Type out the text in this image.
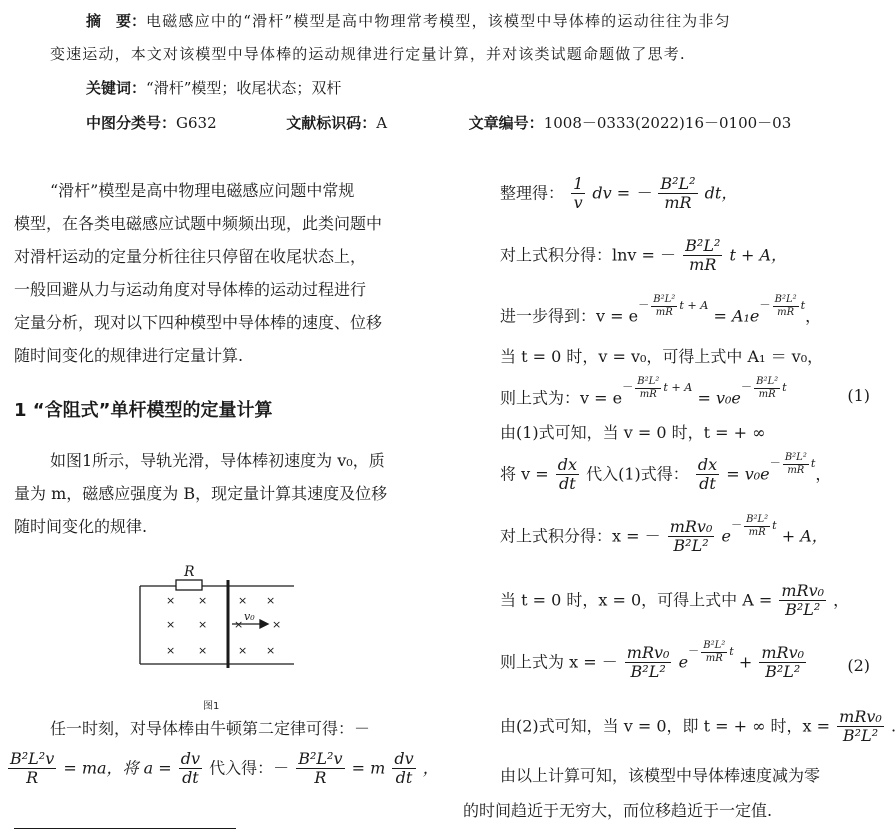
摘　要：电磁感应中的“滑杆”模型是高中物理常考模型，该模型中导体棒的运动往往为非匀
变速运动，本文对该模型中导体棒的运动规律进行定量计算，并对该类试题命题做了思考.
关键词：“滑杆”模型；收尾状态；双杆
中图分类号：G632	文献标识码：A	文章编号：1008－0333(2022)16－0100－03
“滑杆”模型是高中物理电磁感应问题中常规
模型，在各类电磁感应试题中频频出现，此类问题中
对滑杆运动的定量分析往往只停留在收尾状态上，
一般回避从力与运动角度对导体棒的运动过程进行
定量分析，现对以下四种模型中导体棒的速度、位移
随时间变化的规律进行定量计算.
1 “含阻式”单杆模型的定量计算
如图1所示，导轨光滑，导体棒初速度为 v₀，质
量为 m，磁感应强度为 B，现定量计算其速度及位移
随时间变化的规律.
× ×	× ×
× × ×	×
× ×	× ×
R
v₀
图1
任一时刻，对导体棒由牛顿第二定律可得：－
$\frac{\text{B²L²v}}{R}$ = ma，将 $a = \frac{dv}{dt}$ 代入得：－ $\frac{\text{B²L²v}}{R} = m \frac{dv}{dt}$ ，
整理得： $\frac{1}{v}$ dv = － $\frac{\text{B²L²}}{mR}$ dt，
对上式积分得：lnv = － $\frac{\text{B²L²}}{mR}$ t + A，
进一步得到：$v = e^{- \frac{\text{B²L²}}{mR} t + A} = A_1e^{- \frac{\text{B²L²}}{mR} t}$，
当 t = 0 时，v = v₀，可得上式中 A₁ ＝ v₀，
则上式为：$v = e^{- \frac{\text{B²L²}}{mR} t + A} = v_0e^{- \frac{\text{B²L²}}{mR} t}$	(1)
由(1)式可知，当 v = 0 时，t = + ∞
将 $v = \frac{dx}{dt}$ 代入(1)式得： $\frac{dx}{dt} = v_0e^{- \frac{\text{B²L²}}{mR} t}$，
对上式积分得：x = － $\frac{\text{mRv₀}}{\text{B²L²}} e^{- \frac{\text{B²L²}}{mR} t} + A$，
当 t = 0 时，x = 0，可得上式中 $A = \frac{\text{mRv₀}}{\text{B²L²}}$ ，
则上式为 x = － $\frac{\text{mRv₀}}{\text{B²L²}} e^{- \frac{\text{B²L²}}{mR} t} + \frac{\text{mRv₀}}{\text{B²L²}}$	(2)
由(2)式可知，当 v = 0，即 t = + ∞ 时，$x = \frac{\text{mRv₀}}{\text{B²L²}}$ .
由以上计算可知，该模型中导体棒速度减为零
的时间趋近于无穷大，而位移趋近于一定值.
